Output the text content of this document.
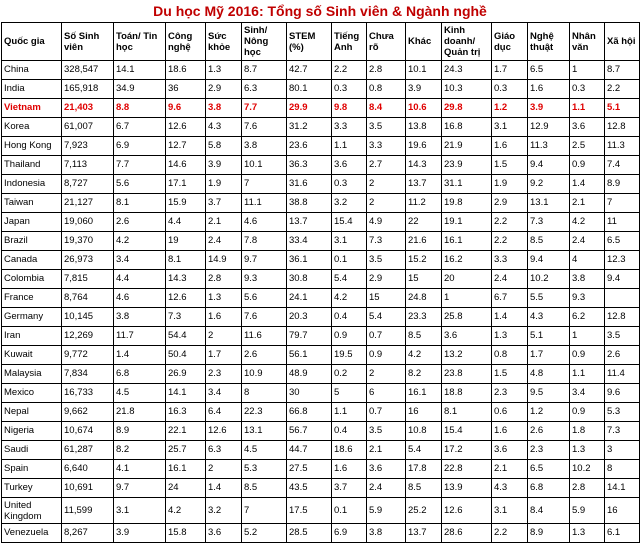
Du học Mỹ 2016: Tổng số Sinh viên & Ngành nghề
Quốc gia	Số Sinh viên	Toán/ Tin học	Công nghệ	Sức khỏe	Sinh/ Nông học	STEM (%)	Tiếng Anh	Chưa rõ	Khác	Kinh doanh/ Quản trị	Giáo dục	Nghệ thuật	Nhân văn	Xã hội
China	328,547	14.1	18.6	1.3	8.7	42.7	2.2	2.8	10.1	24.3	1.7	6.5	1	8.7
India	165,918	34.9	36	2.9	6.3	80.1	0.3	0.8	3.9	10.3	0.3	1.6	0.3	2.2
Vietnam	21,403	8.8	9.6	3.8	7.7	29.9	9.8	8.4	10.6	29.8	1.2	3.9	1.1	5.1
Korea	61,007	6.7	12.6	4.3	7.6	31.2	3.3	3.5	13.8	16.8	3.1	12.9	3.6	12.8
Hong Kong	7,923	6.9	12.7	5.8	3.8	23.6	1.1	3.3	19.6	21.9	1.6	11.3	2.5	11.3
Thailand	7,113	7.7	14.6	3.9	10.1	36.3	3.6	2.7	14.3	23.9	1.5	9.4	0.9	7.4
Indonesia	8,727	5.6	17.1	1.9	7	31.6	0.3	2	13.7	31.1	1.9	9.2	1.4	8.9
Taiwan	21,127	8.1	15.9	3.7	11.1	38.8	3.2	2	11.2	19.8	2.9	13.1	2.1	7
Japan	19,060	2.6	4.4	2.1	4.6	13.7	15.4	4.9	22	19.1	2.2	7.3	4.2	11
Brazil	19,370	4.2	19	2.4	7.8	33.4	3.1	7.3	21.6	16.1	2.2	8.5	2.4	6.5
Canada	26,973	3.4	8.1	14.9	9.7	36.1	0.1	3.5	15.2	16.2	3.3	9.4	4	12.3
Colombia	7,815	4.4	14.3	2.8	9.3	30.8	5.4	2.9	15	20	2.4	10.2	3.8	9.4
France	8,764	4.6	12.6	1.3	5.6	24.1	4.2	15	24.8	1	6.7	5.5	9.3	
Germany	10,145	3.8	7.3	1.6	7.6	20.3	0.4	5.4	23.3	25.8	1.4	4.3	6.2	12.8
Iran	12,269	11.7	54.4	2	11.6	79.7	0.9	0.7	8.5	3.6	1.3	5.1	1	3.5
Kuwait	9,772	1.4	50.4	1.7	2.6	56.1	19.5	0.9	4.2	13.2	0.8	1.7	0.9	2.6
Malaysia	7,834	6.8	26.9	2.3	10.9	48.9	0.2	2	8.2	23.8	1.5	4.8	1.1	11.4
Mexico	16,733	4.5	14.1	3.4	8	30	5	6	16.1	18.8	2.3	9.5	3.4	9.6
Nepal	9,662	21.8	16.3	6.4	22.3	66.8	1.1	0.7	16	8.1	0.6	1.2	0.9	5.3
Nigeria	10,674	8.9	22.1	12.6	13.1	56.7	0.4	3.5	10.8	15.4	1.6	2.6	1.8	7.3
Saudi	61,287	8.2	25.7	6.3	4.5	44.7	18.6	2.1	5.4	17.2	3.6	2.3	1.3	3
Spain	6,640	4.1	16.1	2	5.3	27.5	1.6	3.6	17.8	22.8	2.1	6.5	10.2	8
Turkey	10,691	9.7	24	1.4	8.5	43.5	3.7	2.4	8.5	13.9	4.3	6.8	2.8	14.1
United Kingdom	11,599	3.1	4.2	3.2	7	17.5	0.1	5.9	25.2	12.6	3.1	8.4	5.9	16
Venezuela	8,267	3.9	15.8	3.6	5.2	28.5	6.9	3.8	13.7	28.6	2.2	8.9	1.3	6.1
